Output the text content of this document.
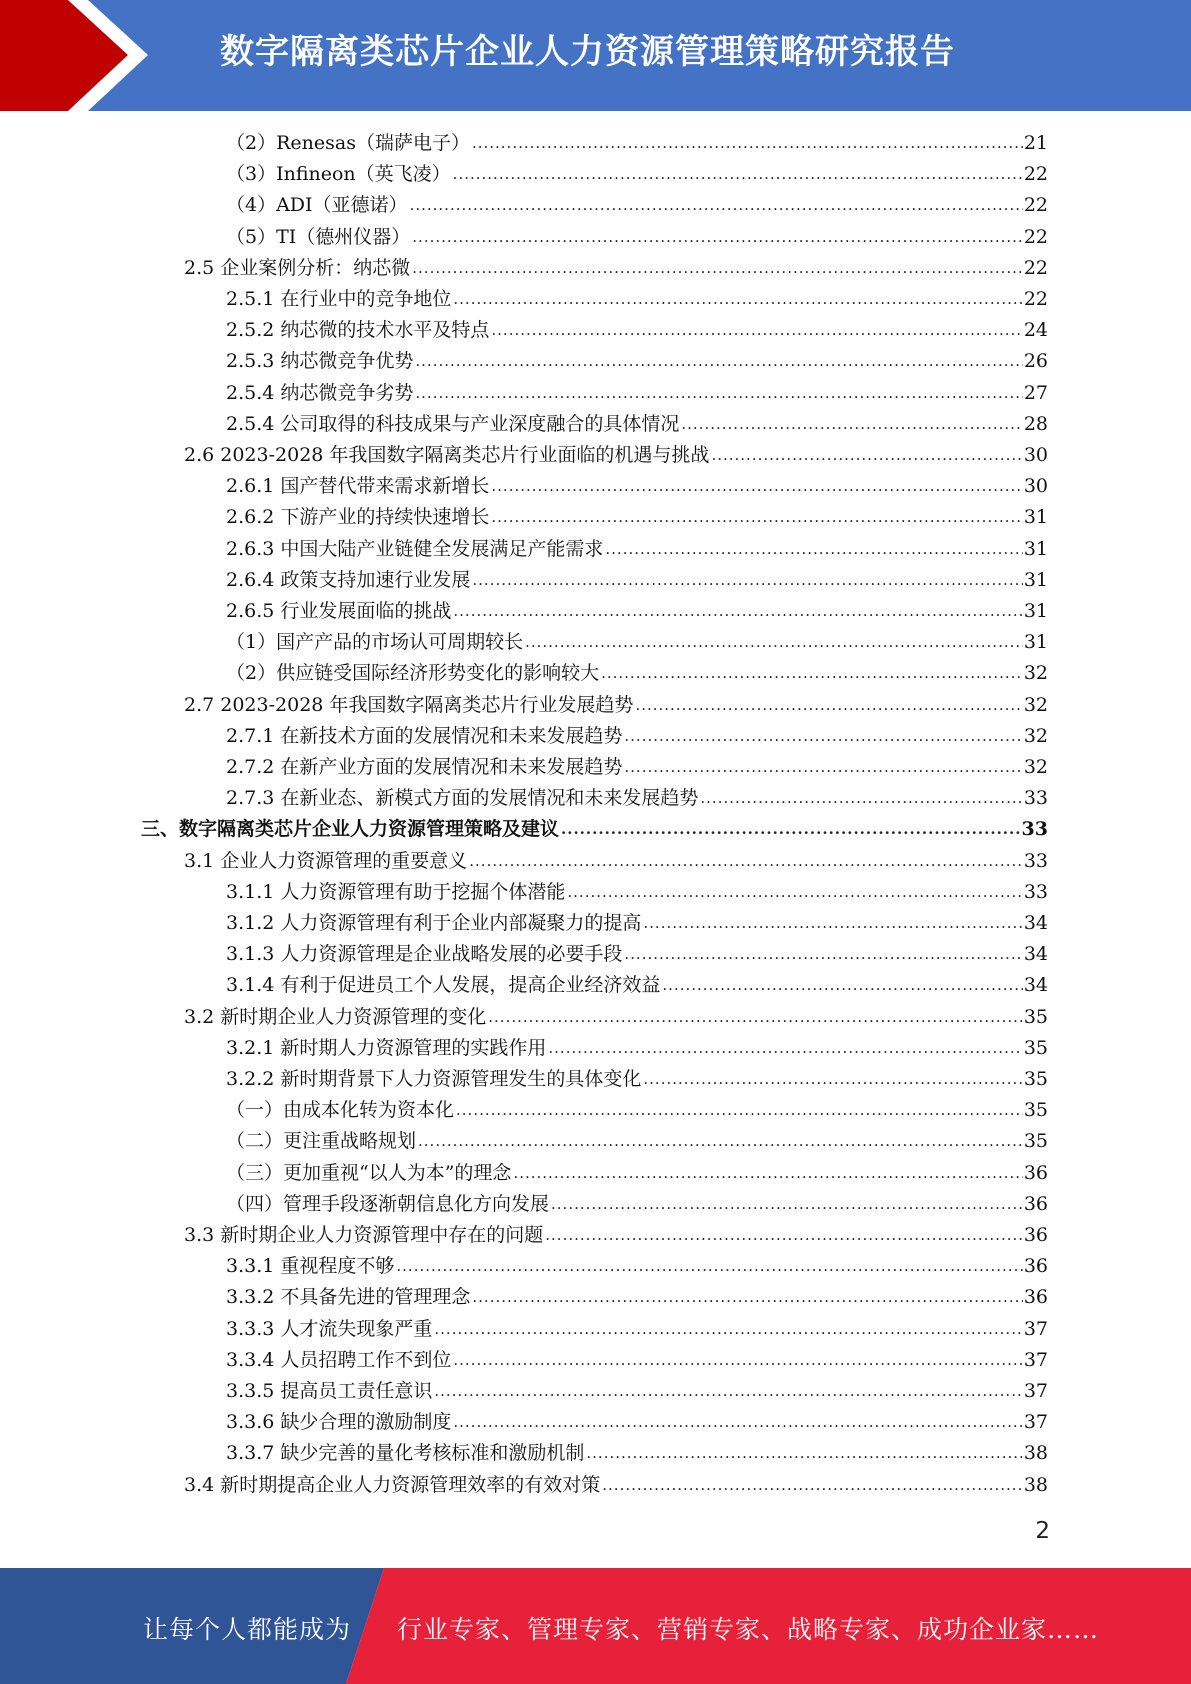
数字隔离类芯片企业人力资源管理策略研究报告
（2）Renesas（瑞萨电子） .....	21
（3）Infineon（英飞凌） .....	22
（4）ADI（亚德诺） .....	22
（5）TI（德州仪器） .....	22
2.5 企业案例分析：纳芯微 .....	22
2.5.1 在行业中的竞争地位 .....	22
2.5.2 纳芯微的技术水平及特点 .....	24
2.5.3 纳芯微竞争优势 .....	26
2.5.4 纳芯微竞争劣势 .....	27
2.5.4 公司取得的科技成果与产业深度融合的具体情况 .....	28
2.6 2023-2028 年我国数字隔离类芯片行业面临的机遇与挑战 .....	30
2.6.1 国产替代带来需求新增长 .....	30
2.6.2 下游产业的持续快速增长 .....	31
2.6.3 中国大陆产业链健全发展满足产能需求 .....	31
2.6.4 政策支持加速行业发展 .....	31
2.6.5 行业发展面临的挑战 .....	31
（1）国产产品的市场认可周期较长 .....	31
（2）供应链受国际经济形势变化的影响较大 .....	32
2.7 2023-2028 年我国数字隔离类芯片行业发展趋势 .....	32
2.7.1 在新技术方面的发展情况和未来发展趋势 .....	32
2.7.2 在新产业方面的发展情况和未来发展趋势 .....	32
2.7.3 在新业态、新模式方面的发展情况和未来发展趋势 .....	33
三、数字隔离类芯片企业人力资源管理策略及建议 .....	33
3.1 企业人力资源管理的重要意义 .....	33
3.1.1 人力资源管理有助于挖掘个体潜能 .....	33
3.1.2 人力资源管理有利于企业内部凝聚力的提高 .....	34
3.1.3 人力资源管理是企业战略发展的必要手段 .....	34
3.1.4 有利于促进员工个人发展，提高企业经济效益 .....	34
3.2 新时期企业人力资源管理的变化 .....	35
3.2.1 新时期人力资源管理的实践作用 .....	35
3.2.2 新时期背景下人力资源管理发生的具体变化 .....	35
（一）由成本化转为资本化 .....	35
（二）更注重战略规划 .....	35
（三）更加重视“以人为本”的理念 .....	36
（四）管理手段逐渐朝信息化方向发展 .....	36
3.3 新时期企业人力资源管理中存在的问题 .....	36
3.3.1 重视程度不够 .....	36
3.3.2 不具备先进的管理理念 .....	36
3.3.3 人才流失现象严重 .....	37
3.3.4 人员招聘工作不到位 .....	37
3.3.5 提高员工责任意识 .....	37
3.3.6 缺少合理的激励制度 .....	37
3.3.7 缺少完善的量化考核标准和激励机制 .....	38
3.4 新时期提高企业人力资源管理效率的有效对策 .....	38
2
让每个人都能成为 行业专家、管理专家、营销专家、战略专家、成功企业家……
